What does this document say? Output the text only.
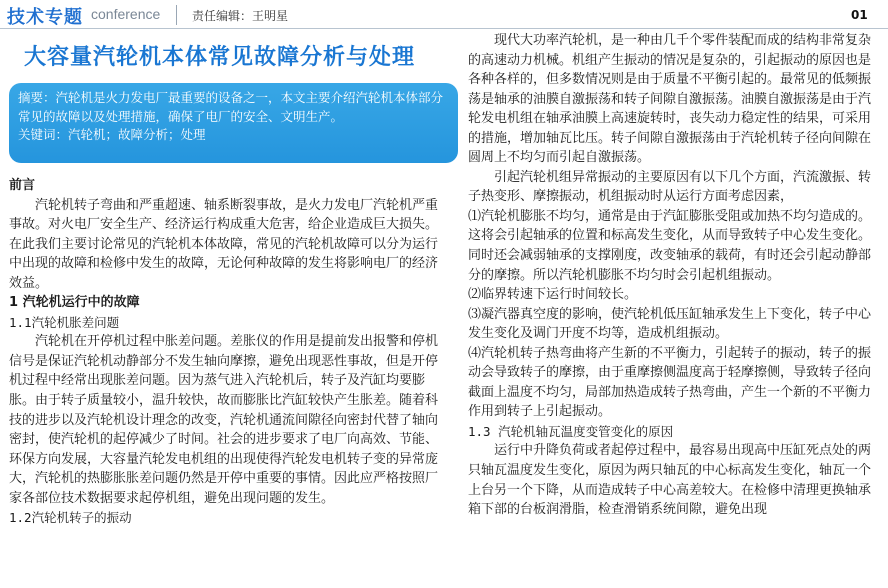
技术专题 conference	责任编辑：王明星	01
大容量汽轮机本体常见故障分析与处理

摘要：汽轮机是火力发电厂最重要的设备之一，本文主要介绍汽轮机本体部分常见的故障以及处理措施，确保了电厂的安全、文明生产。

关键词：汽轮机；故障分析；处理

前言

汽轮机转子弯曲和严重超速、轴系断裂事故，是火力发电厂汽轮机严重事故。对火电厂安全生产、经济运行构成重大危害，给企业造成巨大损失。在此我们主要讨论常见的汽轮机本体故障，常见的汽轮机故障可以分为运行中出现的故障和检修中发生的故障，无论何种故障的发生将影响电厂的经济效益。

1 汽轮机运行中的故障

1.1汽轮机胀差问题

汽轮机在开停机过程中胀差问题。差胀仪的作用是提前发出报警和停机信号是保证汽轮机动静部分不发生轴向摩擦，避免出现恶性事故，但是开停机过程中经常出现胀差问题。因为蒸气进入汽轮机后，转子及汽缸均要膨胀。由于转子质量较小，温升较快，故而膨胀比汽缸较快产生胀差。随着科技的进步以及汽轮机设计理念的改变，汽轮机通流间隙径向密封代替了轴向密封，使汽轮机的起停减少了时间。社会的进步要求了电厂向高效、节能、环保方向发展，大容量汽轮发电机组的出现使得汽轮发电机转子变的异常庞大，汽轮机的热膨胀胀差问题仍然是开停中重要的事情。因此应严格按照厂家各部位技术数据要求起停机组，避免出现问题的发生。

1.2汽轮机转子的振动

现代大功率汽轮机，是一种由几千个零件装配而成的结构非常复杂的高速动力机械。机组产生振动的情况是复杂的，引起振动的原因也是各种各样的，但多数情况则是由于质量不平衡引起的。最常见的低频振荡是轴承的油膜自激振荡和转子间隙自激振荡。油膜自激振荡是由于汽轮发电机组在轴承油膜上高速旋转时，丧失动力稳定性的结果，可采用的措施，增加轴瓦比压。转子间隙自激振荡由于汽轮机转子径向间隙在圆周上不均匀而引起自激振荡。

引起汽轮机组异常振动的主要原因有以下几个方面，汽流激振、转子热变形、摩擦振动，机组振动时从运行方面考虑因素，

⑴汽轮机膨胀不均匀，通常是由于汽缸膨胀受阻或加热不均匀造成的。这将会引起轴承的位置和标高发生变化，从而导致转子中心发生变化。同时还会减弱轴承的支撑刚度，改变轴承的载荷，有时还会引起动静部分的摩擦。所以汽轮机膨胀不均匀时会引起机组振动。

⑵临界转速下运行时间较长。

⑶凝汽器真空度的影响，使汽轮机低压缸轴承发生上下变化，转子中心发生变化及调门开度不均等，造成机组振动。

⑷汽轮机转子热弯曲将产生新的不平衡力，引起转子的振动，转子的振动会导致转子的摩擦，由于重摩擦侧温度高于轻摩擦侧，导致转子径向截面上温度不均匀，局部加热造成转子热弯曲，产生一个新的不平衡力作用到转子上引起振动。

1.3 汽轮机轴瓦温度变管变化的原因

运行中升降负荷或者起停过程中，最容易出现高中压缸死点处的两只轴瓦温度发生变化，原因为两只轴瓦的中心标高发生变化，轴瓦一个上台另一个下降，从而造成转子中心高差较大。在检修中清理更换轴承箱下部的台板润滑脂，检查滑销系统间隙，避免出现
